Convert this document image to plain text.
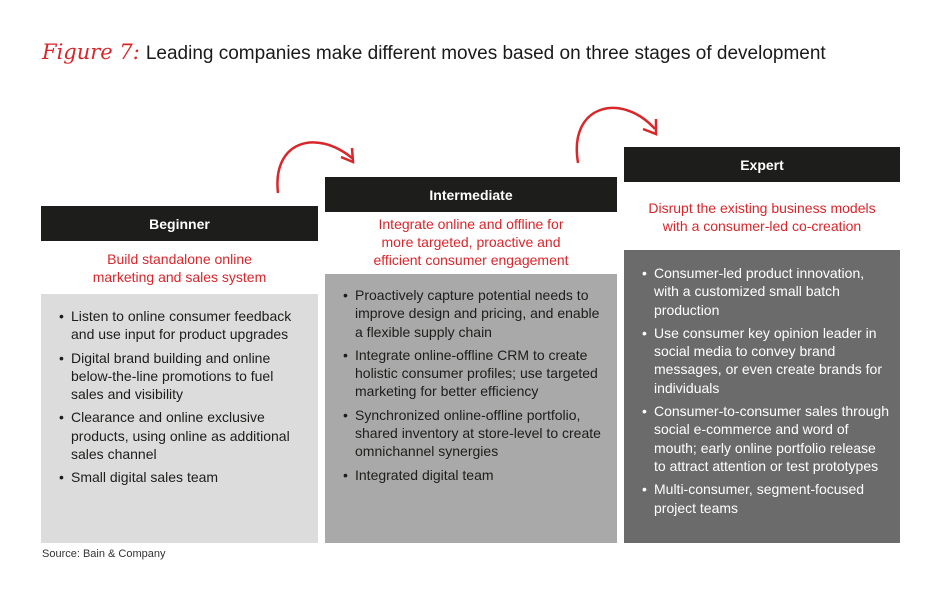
Figure 7: Leading companies make different moves based on three stages of development
Beginner
Build standalone online
marketing and sales system
• Listen to online consumer feedback and use input for product upgrades
• Digital brand building and online below-the-line promotions to fuel sales and visibility
• Clearance and online exclusive products, using online as additional sales channel
• Small digital sales team
Intermediate
Integrate online and offline for
more targeted, proactive and
efficient consumer engagement
• Proactively capture potential needs to improve design and pricing, and enable a flexible supply chain
• Integrate online-offline CRM to create holistic consumer profiles; use targeted marketing for better efficiency
• Synchronized online-offline portfolio, shared inventory at store-level to create omnichannel synergies
• Integrated digital team
Expert
Disrupt the existing business models
with a consumer-led co-creation
• Consumer-led product innovation, with a customized small batch production
• Use consumer key opinion leader in social media to convey brand messages, or even create brands for individuals
• Consumer-to-consumer sales through social e-commerce and word of mouth; early online portfolio release to attract attention or test prototypes
• Multi-consumer, segment-focused project teams
Source: Bain & Company
